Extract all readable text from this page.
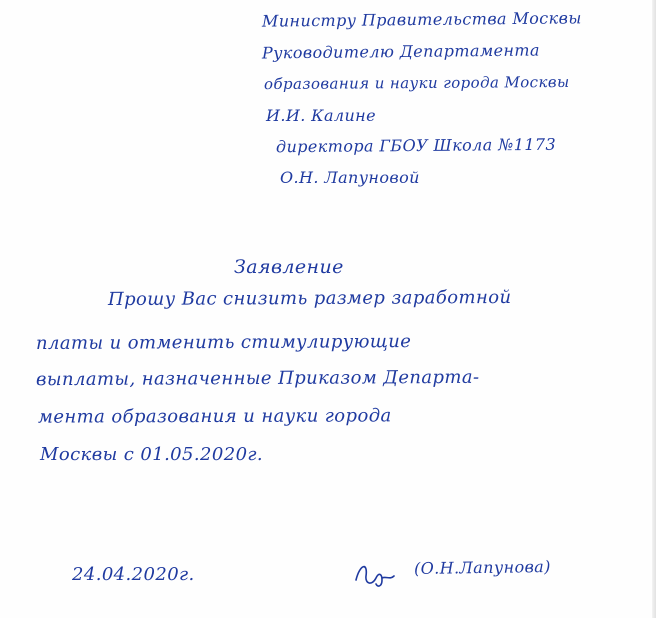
Министру Правительства Москвы

Руководителю Департамента

образования и науки города Москвы

И.И. Калине

директора ГБОУ Школа №1173

О.Н. Лапуновой

Заявление

Прошу Вас снизить размер заработной

платы и отменить стимулирующие

выплаты, назначенные Приказом Департа-

мента образования и науки города

Москвы с 01.05.2020г.

24.04.2020г.	(О.Н.Лапунова)
